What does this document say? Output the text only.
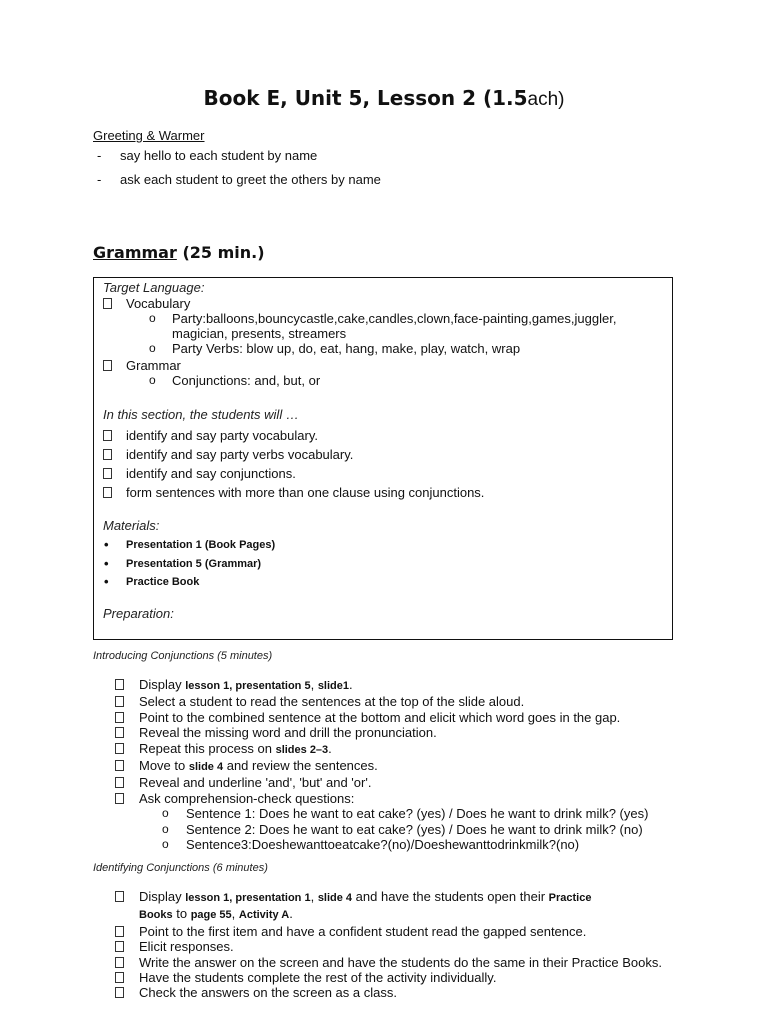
Book E, Unit 5, Lesson 2 (1.5ach)
Greeting & Warmer
- say hello to each student by name
- ask each student to greet the others by name
Grammar (25 min.)
Target Language:
Vocabulary
o Party:balloons,bouncycastle,cake,candles,clown,face-painting,games,juggler,
magician, presents, streamers
o Party Verbs: blow up, do, eat, hang, make, play, watch, wrap
Grammar
o Conjunctions: and, but, or
In this section, the students will …
identify and say party vocabulary.
identify and say party verbs vocabulary.
identify and say conjunctions.
form sentences with more than one clause using conjunctions.
Materials:
• Presentation 1 (Book Pages)
• Presentation 5 (Grammar)
• Practice Book
Preparation:
Introducing Conjunctions (5 minutes)
Display lesson 1, presentation 5, slide1.
Select a student to read the sentences at the top of the slide aloud.
Point to the combined sentence at the bottom and elicit which word goes in the gap.
Reveal the missing word and drill the pronunciation.
Repeat this process on slides 2–3.
Move to slide 4 and review the sentences.
Reveal and underline 'and', 'but' and 'or'.
Ask comprehension-check questions:
o Sentence 1: Does he want to eat cake? (yes) / Does he want to drink milk? (yes)
o Sentence 2: Does he want to eat cake? (yes) / Does he want to drink milk? (no)
o Sentence3:Doeshewanttoeatcake?(no)/Doeshewanttodrinkmilk?(no)
Identifying Conjunctions (6 minutes)
Display lesson 1, presentation 1, slide 4 and have the students open their Practice
Books to page 55, Activity A.
Point to the first item and have a confident student read the gapped sentence.
Elicit responses.
Write the answer on the screen and have the students do the same in their Practice Books.
Have the students complete the rest of the activity individually.
Check the answers on the screen as a class.
